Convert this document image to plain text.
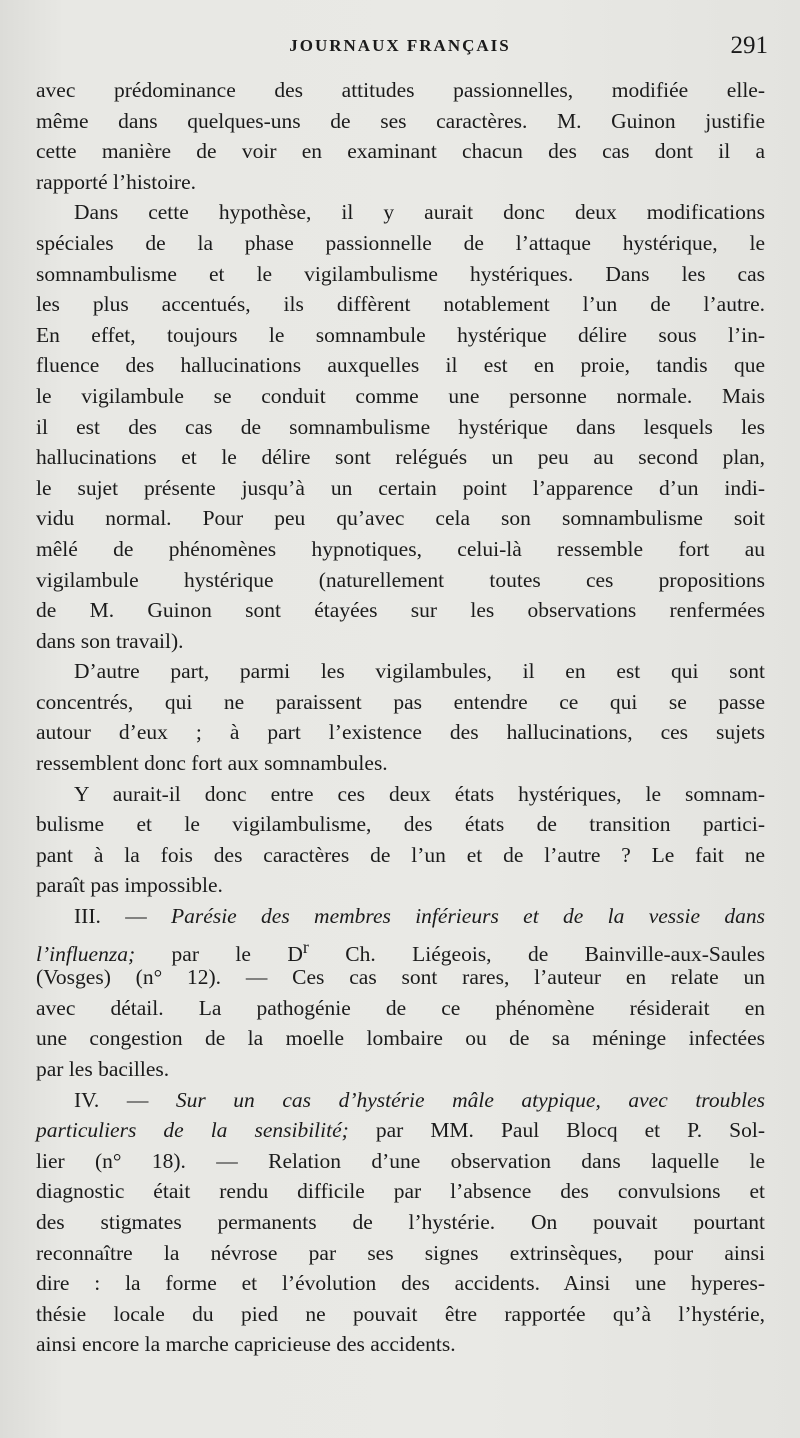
JOURNAUX FRANÇAIS	291
avec prédominance des attitudes passionnelles, modifiée elle-
même dans quelques-uns de ses caractères. M. Guinon justifie
cette manière de voir en examinant chacun des cas dont il a
rapporté l’histoire.
Dans cette hypothèse, il y aurait donc deux modifications
spéciales de la phase passionnelle de l’attaque hystérique, le
somnambulisme et le vigilambulisme hystériques. Dans les cas
les plus accentués, ils diffèrent notablement l’un de l’autre.
En effet, toujours le somnambule hystérique délire sous l’in-
fluence des hallucinations auxquelles il est en proie, tandis que
le vigilambule se conduit comme une personne normale. Mais
il est des cas de somnambulisme hystérique dans lesquels les
hallucinations et le délire sont relégués un peu au second plan,
le sujet présente jusqu’à un certain point l’apparence d’un indi-
vidu normal. Pour peu qu’avec cela son somnambulisme soit
mêlé de phénomènes hypnotiques, celui-là ressemble fort au
vigilambule hystérique (naturellement toutes ces propositions
de M. Guinon sont étayées sur les observations renfermées
dans son travail).
D’autre part, parmi les vigilambules, il en est qui sont
concentrés, qui ne paraissent pas entendre ce qui se passe
autour d’eux ; à part l’existence des hallucinations, ces sujets
ressemblent donc fort aux somnambules.
Y aurait-il donc entre ces deux états hystériques, le somnam-
bulisme et le vigilambulisme, des états de transition partici-
pant à la fois des caractères de l’un et de l’autre ? Le fait ne
paraît pas impossible.
III. — Parésie des membres inférieurs et de la vessie dans
l’influenza; par le $D^r$ Ch. Liégeois, de Bainville-aux-Saules
(Vosges) (n° 12). — Ces cas sont rares, l’auteur en relate un
avec détail. La pathogénie de ce phénomène résiderait en
une congestion de la moelle lombaire ou de sa méninge infectées
par les bacilles.
IV. — Sur un cas d’hystérie mâle atypique, avec troubles
particuliers de la sensibilité; par MM. Paul Blocq et P. Sol-
lier (n° 18). — Relation d’une observation dans laquelle le
diagnostic était rendu difficile par l’absence des convulsions et
des stigmates permanents de l’hystérie. On pouvait pourtant
reconnaître la névrose par ses signes extrinsèques, pour ainsi
dire : la forme et l’évolution des accidents. Ainsi une hyperes-
thésie locale du pied ne pouvait être rapportée qu’à l’hystérie,
ainsi encore la marche capricieuse des accidents.
